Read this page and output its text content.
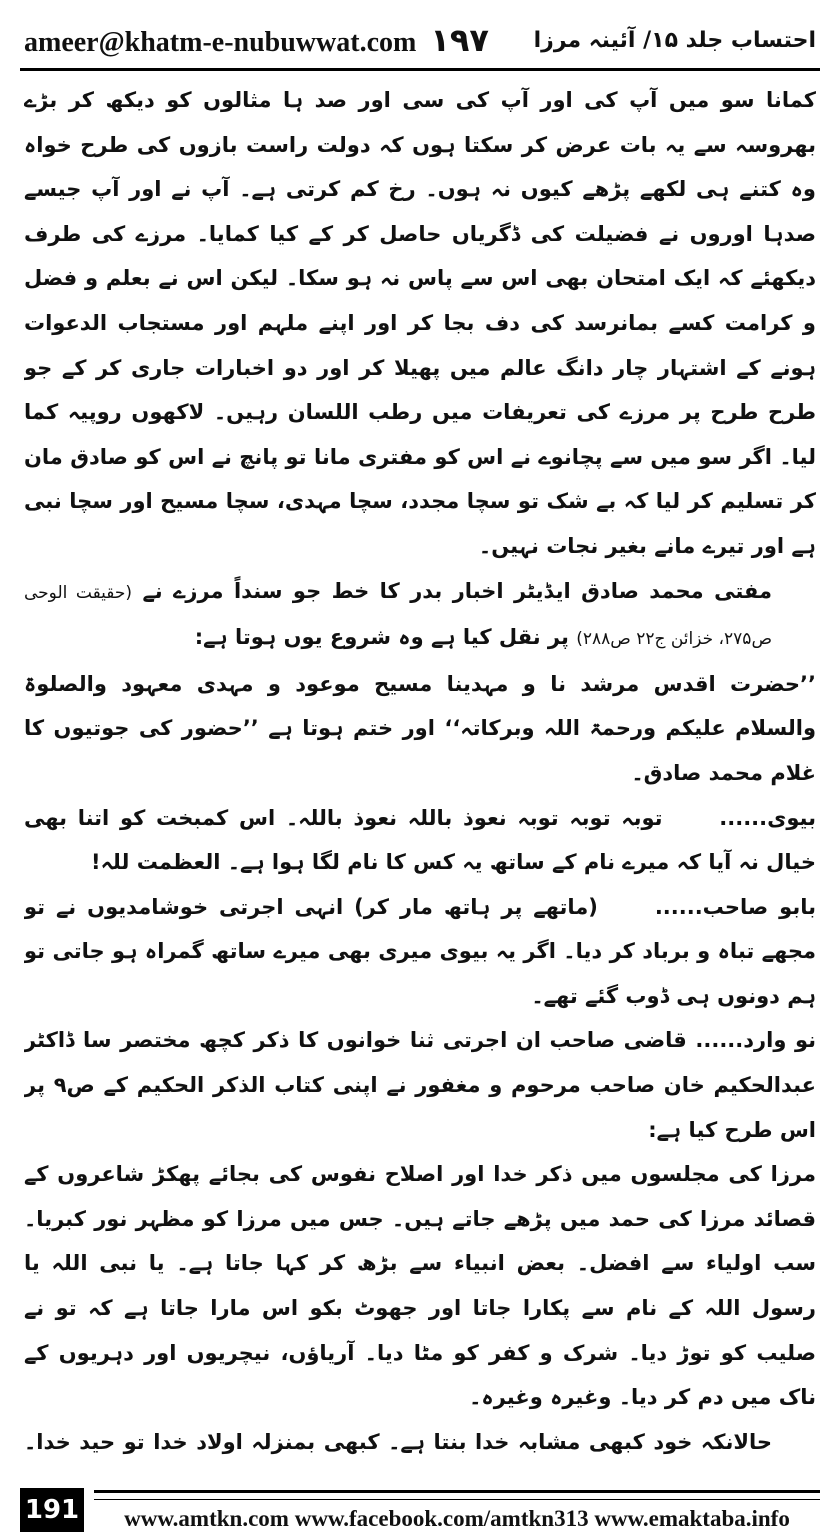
ameer@khatm-e-nubuwwat.com ۱۹۷ احتساب جلد ۱۵/ آئینہ مرزا

کمانا سو میں آپ کی اور آپ کی سی اور صد ہا مثالوں کو دیکھ کر بڑے بھروسہ سے یہ بات عرض کر سکتا ہوں کہ دولت راست بازوں کی طرح خواہ وہ کتنے ہی لکھے پڑھے کیوں نہ ہوں۔ رخ کم کرتی ہے۔ آپ نے اور آپ جیسے صدہا اوروں نے فضیلت کی ڈگریاں حاصل کر کے کیا کمایا۔ مرزے کی طرف دیکھئے کہ ایک امتحان بھی اس سے پاس نہ ہو سکا۔ لیکن اس نے بعلم و فضل و کرامت کسے بمانرسد کی دف بجا کر اور اپنے ملہم اور مستجاب الدعوات ہونے کے اشتہار چار دانگ عالم میں پھیلا کر اور دو اخبارات جاری کر کے جو طرح طرح پر مرزے کی تعریفات میں رطب اللسان رہیں۔ لاکھوں روپیہ کما لیا۔ اگر سو میں سے پچانوے نے اس کو مفتری مانا تو پانچ نے اس کو صادق مان کر تسلیم کر لیا کہ بے شک تو سچا مجدد، سچا مہدی، سچا مسیح اور سچا نبی ہے اور تیرے مانے بغیر نجات نہیں۔

مفتی محمد صادق ایڈیٹر اخبار بدر کا خط جو سنداً مرزے نے (حقیقت الوحی ص۲۷۵، خزائن ج۲۲ ص۲۸۸) پر نقل کیا ہے وہ شروع یوں ہوتا ہے:

’’حضرت اقدس مرشد نا و مہدینا مسیح موعود و مہدی معہود والصلوۃ والسلام علیکم ورحمۃ اللہ وبرکاتہ‘‘ اور ختم ہوتا ہے ’’حضور کی جوتیوں کا غلام محمد صادق۔

بیوی...... توبہ توبہ توبہ نعوذ باللہ نعوذ باللہ۔ اس کمبخت کو اتنا بھی خیال نہ آیا کہ میرے نام کے ساتھ یہ کس کا نام لگا ہوا ہے۔ العظمت للہ!

بابو صاحب...... (ماتھے پر ہاتھ مار کر) انہی اجرتی خوشامدیوں نے تو مجھے تباہ و برباد کر دیا۔ اگر یہ بیوی میری بھی میرے ساتھ گمراہ ہو جاتی تو ہم دونوں ہی ڈوب گئے تھے۔

نو وارد...... قاضی صاحب ان اجرتی ثنا خوانوں کا ذکر کچھ مختصر سا ڈاکٹر عبدالحکیم خان صاحب مرحوم و مغفور نے اپنی کتاب الذکر الحکیم کے ص۹ پر اس طرح کیا ہے:

مرزا کی مجلسوں میں ذکر خدا اور اصلاح نفوس کی بجائے پھکڑ شاعروں کے قصائد مرزا کی حمد میں پڑھے جاتے ہیں۔ جس میں مرزا کو مظہر نور کبریا۔ سب اولیاء سے افضل۔ بعض انبیاء سے بڑھ کر کہا جاتا ہے۔ یا نبی اللہ یا رسول اللہ کے نام سے پکارا جاتا اور جھوٹ بکو اس مارا جاتا ہے کہ تو نے صلیب کو توڑ دیا۔ شرک و کفر کو مٹا دیا۔ آریاؤں، نیچریوں اور دہریوں کے ناک میں دم کر دیا۔ وغیرہ وغیرہ۔

حالانکہ خود کبھی مشابہ خدا بنتا ہے۔ کبھی بمنزلہ اولاد خدا تو حید خدا۔

191	www.amtkn.com www.facebook.com/amtkn313 www.emaktaba.info
